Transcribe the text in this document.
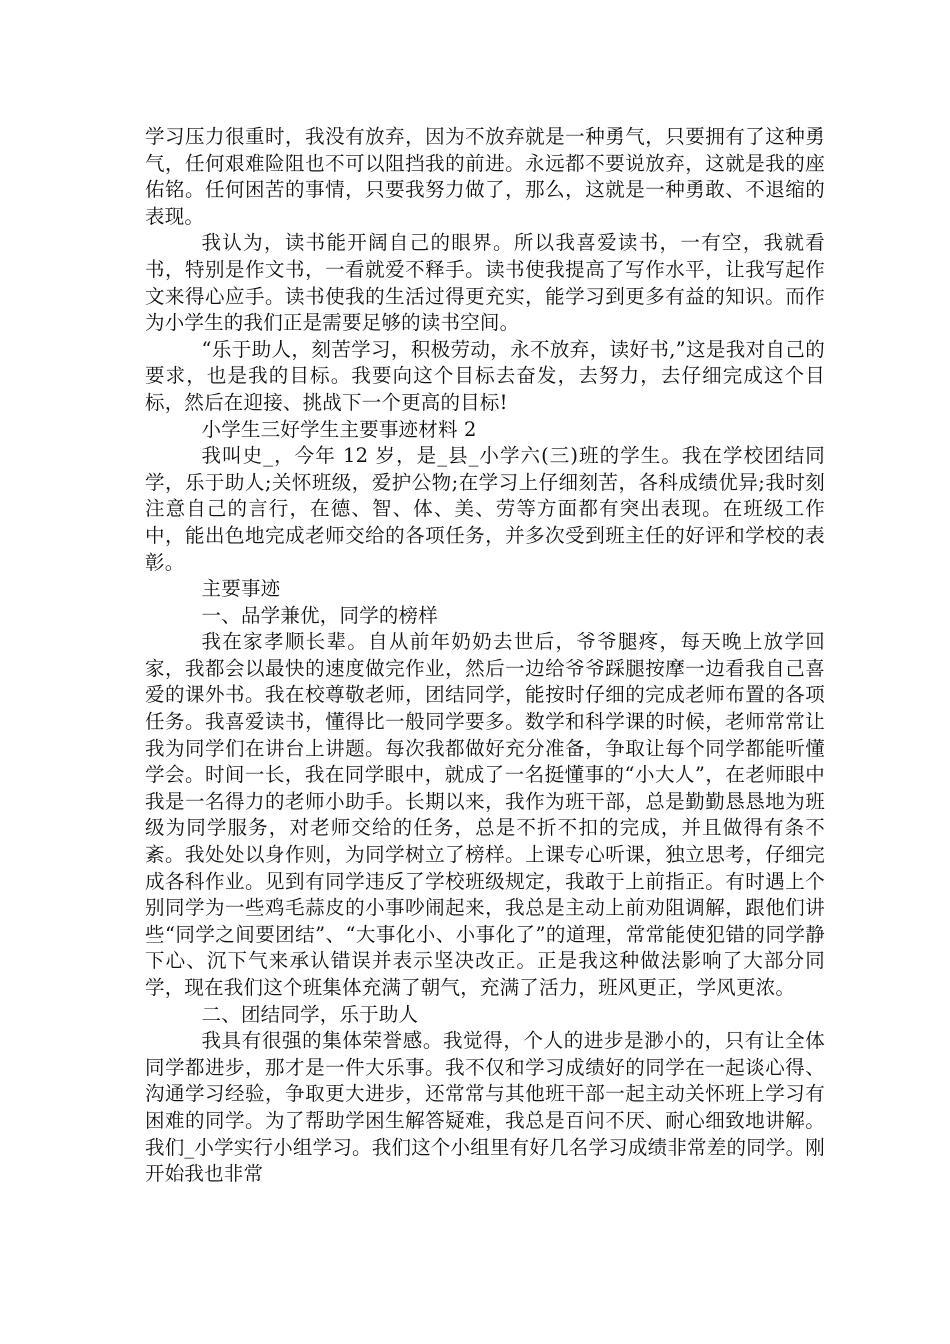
学习压力很重时，我没有放弃，因为不放弃就是一种勇气，只要拥有了这种勇气，任何艰难险阻也不可以阻挡我的前进。永远都不要说放弃，这就是我的座佑铭。任何困苦的事情，只要我努力做了，那么，这就是一种勇敢、不退缩的表现。

我认为，读书能开阔自己的眼界。所以我喜爱读书，一有空，我就看书，特别是作文书，一看就爱不释手。读书使我提高了写作水平，让我写起作文来得心应手。读书使我的生活过得更充实，能学习到更多有益的知识。而作为小学生的我们正是需要足够的读书空间。

“乐于助人，刻苦学习，积极劳动，永不放弃，读好书,”这是我对自己的要求，也是我的目标。我要向这个目标去奋发，去努力，去仔细完成这个目标，然后在迎接、挑战下一个更高的目标!

小学生三好学生主要事迹材料 2

我叫史_，今年 12 岁，是_县_小学六(三)班的学生。我在学校团结同学，乐于助人;关怀班级，爱护公物;在学习上仔细刻苦，各科成绩优异;我时刻注意自己的言行，在德、智、体、美、劳等方面都有突出表现。在班级工作中，能出色地完成老师交给的各项任务，并多次受到班主任的好评和学校的表彰。

主要事迹

一、品学兼优，同学的榜样

我在家孝顺长辈。自从前年奶奶去世后，爷爷腿疼，每天晚上放学回家，我都会以最快的速度做完作业，然后一边给爷爷踩腿按摩一边看我自己喜爱的课外书。我在校尊敬老师，团结同学，能按时仔细的完成老师布置的各项任务。我喜爱读书，懂得比一般同学要多。数学和科学课的时候，老师常常让我为同学们在讲台上讲题。每次我都做好充分准备，争取让每个同学都能听懂学会。时间一长，我在同学眼中，就成了一名挺懂事的“小大人”，在老师眼中我是一名得力的老师小助手。长期以来，我作为班干部，总是勤勤恳恳地为班级为同学服务，对老师交给的任务，总是不折不扣的完成，并且做得有条不紊。我处处以身作则，为同学树立了榜样。上课专心听课，独立思考，仔细完成各科作业。见到有同学违反了学校班级规定，我敢于上前指正。有时遇上个别同学为一些鸡毛蒜皮的小事吵闹起来，我总是主动上前劝阻调解，跟他们讲些“同学之间要团结”、“大事化小、小事化了”的道理，常常能使犯错的同学静下心、沉下气来承认错误并表示坚决改正。正是我这种做法影响了大部分同学，现在我们这个班集体充满了朝气，充满了活力，班风更正，学风更浓。

二、团结同学，乐于助人

我具有很强的集体荣誉感。我觉得，个人的进步是渺小的，只有让全体同学都进步，那才是一件大乐事。我不仅和学习成绩好的同学在一起谈心得、沟通学习经验，争取更大进步，还常常与其他班干部一起主动关怀班上学习有困难的同学。为了帮助学困生解答疑难，我总是百问不厌、耐心细致地讲解。我们_小学实行小组学习。我们这个小组里有好几名学习成绩非常差的同学。刚开始我也非常
